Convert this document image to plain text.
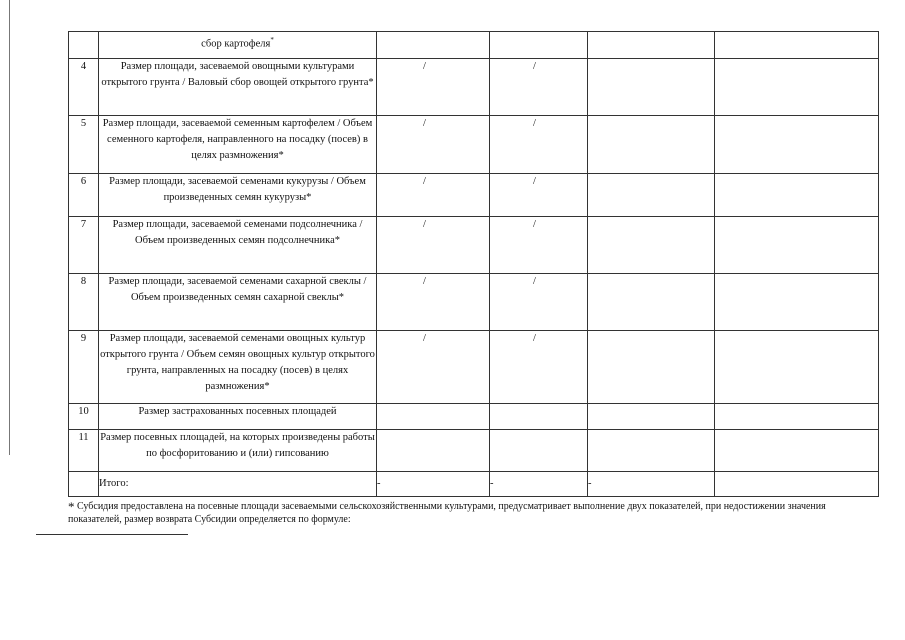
	сбор картофеля*	

4	Размер площади, засеваемой овощными культурами открытого грунта / Валовый сбор овощей открытого грунта*	/	/		

5	Размер площади, засеваемой семенным картофелем / Объем семенного картофеля, направленного на посадку (посев) в целях размножения*	/	/		

6	Размер площади, засеваемой семенами кукурузы / Объем произведенных семян кукурузы*	/	/		

7	Размер площади, засеваемой семенами подсолнечника / Объем произведенных семян подсолнечника*	/	/		

8	Размер площади, засеваемой семенами сахарной свеклы / Объем произведенных семян сахарной свеклы*	/	/		

9	Размер площади, засеваемой семенами овощных культур открытого грунта / Объем семян овощных культур открытого грунта, направленных на посадку (посев) в целях размножения*	/	/		

10	Размер застрахованных посевных площадей				
11	Размер посевных площадей, на которых произведены работы по фосфоритованию и (или) гипсованию				
	Итого:	-	-	-	
* Субсидия предоставлена на посевные площади засеваемыми сельскохозяйственными культурами, предусматривает выполнение двух показателей, при недостижении значения показателей, размер возврата Субсидии определяется по формуле:
